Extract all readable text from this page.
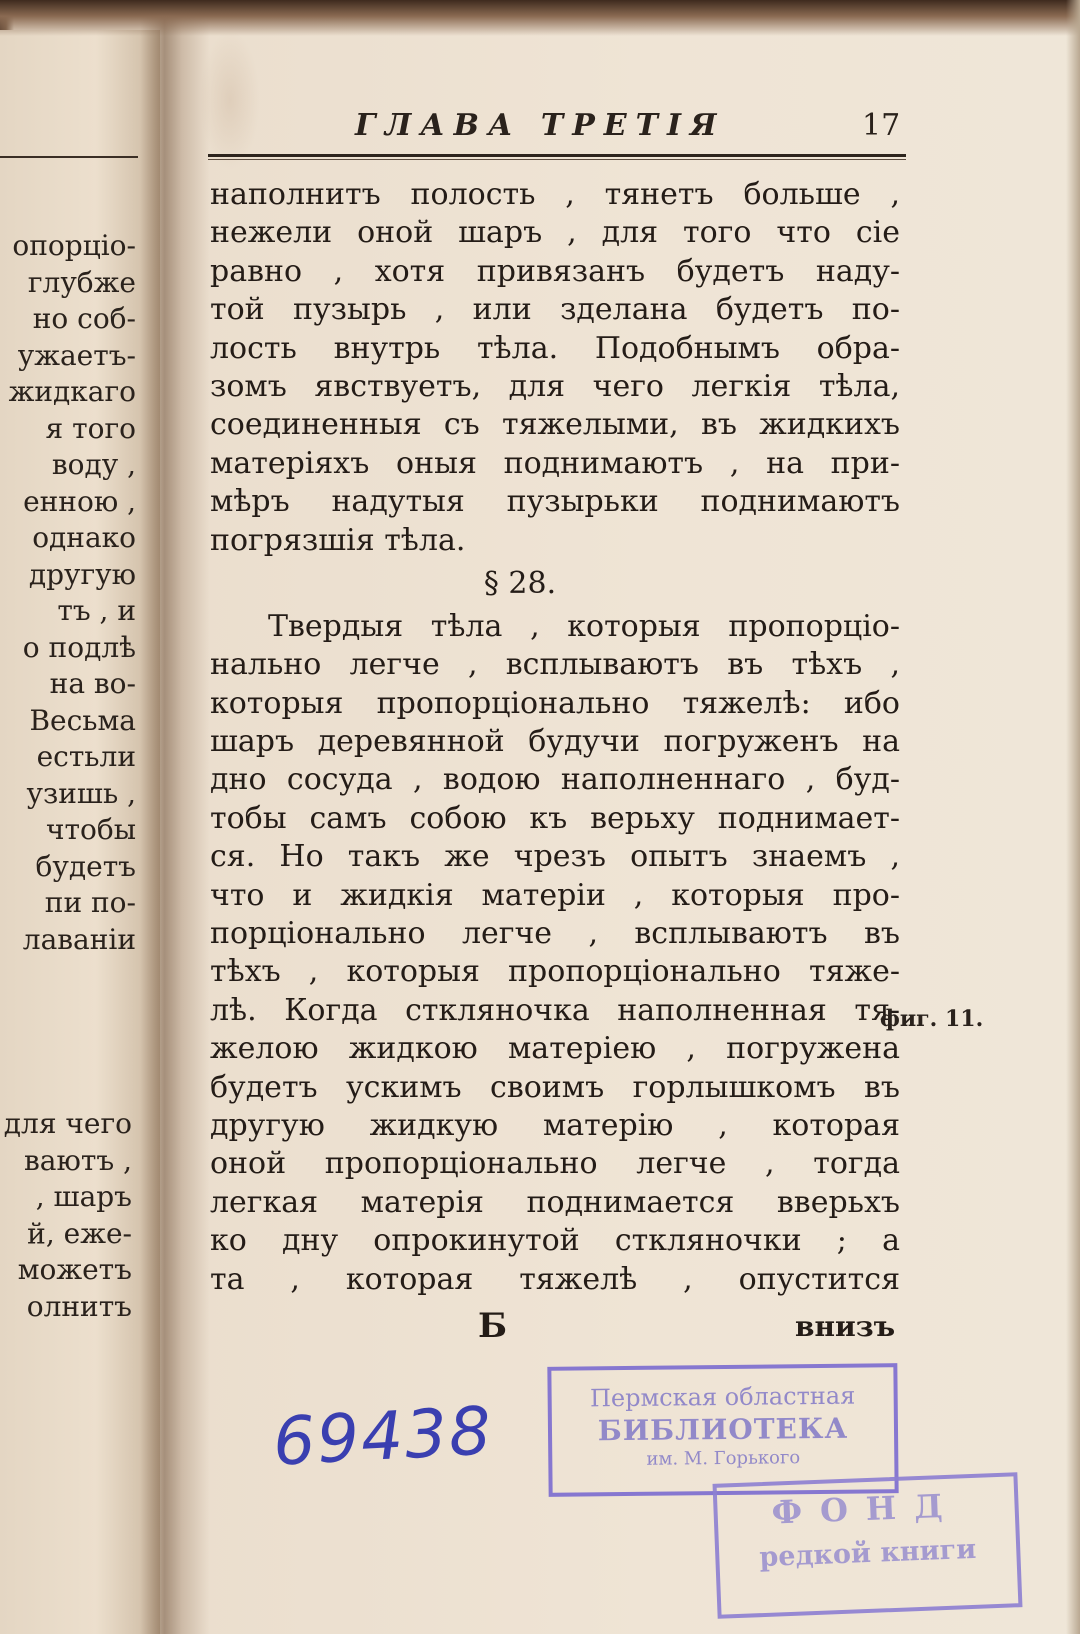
опорцiо-
глубже
но соб-
ужаетъ-
жидкаго
я того
воду ,
енною ,
однако
другую
тъ , и
о подлѣ
на во-
Весьма
естьли
узишь ,
чтобы
будетъ
пи по-
лаваніи
для чего
ваютъ ,
, шаръ
й, еже-
можетъ
олнитъ
ГЛАВА ТРЕТІЯ	17
наполнитъ полость , тянетъ больше ,
нежели оной шаръ , для того что сіе
равно , хотя привязанъ будетъ наду-
той пузырь , или зделана будетъ по-
лость внутрь тѣла. Подобнымъ обра-
зомъ явствуетъ, для чего легкія тѣла,
соединенныя съ тяжелыми, въ жидкихъ
матеріяхъ оныя поднимаютъ , на при-
мѣръ надутыя пузырьки поднимаютъ
погрязшія тѣла.
§ 28.
Твердыя тѣла , которыя пропорціо-
нально легче , всплываютъ въ тѣхъ ,
которыя пропорціонально тяжелѣ: ибо
шаръ деревянной будучи погруженъ на
дно сосуда , водою наполненнаго , буд-
тобы самъ собою къ верьху поднимает-
ся. Но такъ же чрезъ опытъ знаемъ ,
что и жидкія матеріи , которыя про-
порціонально легче , всплываютъ въ
тѣхъ , которыя пропорціонально тяже-
лѣ. Когда сткляночка наполненная тя-
желою жидкою матеріею , погружена
будетъ ускимъ своимъ горлышкомъ въ
другую жидкую матерію , которая
оной пропорціонально легче , тогда
легкая матерія поднимается вверьхъ
ко дну опрокинутой сткляночки ; а
та , которая тяжелѣ , опустится
фиг. 11.
Б	внизъ
69438	Пермская областная
БИБЛИОТЕКА
им. М. Горького
ФОНД
редкой книги
